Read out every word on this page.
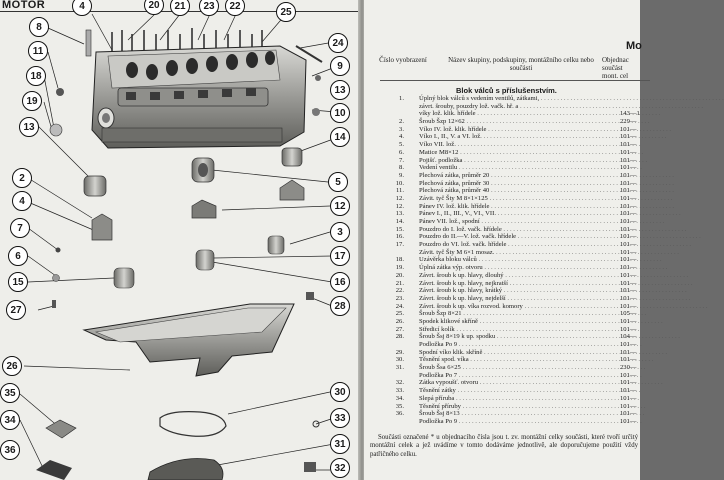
MOTOR	4	20	21	23	22
25
8
24
11
9
18
13
19
10
13
14
2	5
12
4
3
7
17
6
16
15
28
27
26
30
35
33
34
31
32
36
Mo
Číslo vyobrazení	Název skupiny, podskupiny, montážního celku nebo součásti
Objednac součást mont. cel
Blok válců s příslušenstvím.
1. Úplný blok válců s vedením ventilů, zátkami, . . .
závrt. šrouby, pouzdry lož. vačk. hř. a . . .
víky lož. klik. hřídele . . .	143—1
2. Šroub Šzp 12×62 . . .	229—
3. Víko IV. lož. klik. hřídele . . .	101—
4. Víko I., II., V. a VI. lož. . . .	101—
5. Víko VII. lož. . . .	101—
6. Matice M8×12 . . .	101—
7. Pojišť. podložka . . .	101—
8. Vedení ventilu . . .	101—
9. Plechová zátka, průměr 20 . . .	101—
10. Plechová zátka, průměr 30 . . .	101—
11. Plechová zátka, průměr 40 . . .	101—
12. Závit. tyč Šty M 8×1×125 . . .	101—
12. Pánev IV. lož. klik. hřídele . . .	101—
13. Pánev I., II., III., V., VI., VII. . . .	101—
14. Pánev VII. lož., spodní . . .	101—
15. Pouzdro do I. lož. vačk. hřídele . . .	101—
16. Pouzdro do II.—V. lož. vačk. hřídele . . .	101—
17. Pouzdro do VI. lož. vačk. hřídele . . .	101—
Závit. tyč Šty M 6×1 mosaz. . . .	101—
18. Uzávěrka bloku válců . . .	101—
19. Úplná zátka výp. otvoru . . .	101—
20. Závrt. šroub k up. hlavy, dlouhý . . .	101—
21. Závrt. šroub k up. hlavy, nejkratší . . .	101—
22. Závrt. šroub k up. hlavy, krátký . . .	101—
23. Závrt. šroub k up. hlavy, nejdelší . . .	101—
24. Závrt. šroub k up. víka rozvod. komory . . .	101—
25. Šroub Šzp 8×21 . . .	105—
26. Spodek klikové skříně . . .	101—
27. Středicí kolík . . .	101—
28. Šroub Šsj 8×19 k up. spodku . . .	104—
Podložka Po 9 . . .	101—
29. Spodní víko klik. skříně . . .	101—
30. Těsnění spod. víka . . .	101—
31. Šroub Šsa 6×25 . . .	230—
Podložka Po 7 . . .	101—
32. Zátka vypoušť. otvoru . . .	101—
33. Těsnění zátky . . .	101—
34. Slepá příruba . . .	101—
35. Těsnění příruby . . .	101—
36. Šroub Šsj 8×13 . . .	101—
Podložka Po 9 . . .	101—
Součásti označené * u objednacího čísla jsou t. zv. montážní celky součásti, které tvoří určitý montážní celek a jež uvádíme v tomto dodáváme jednotlivě, ale doporučujeme použití vždy patřičného celku.
